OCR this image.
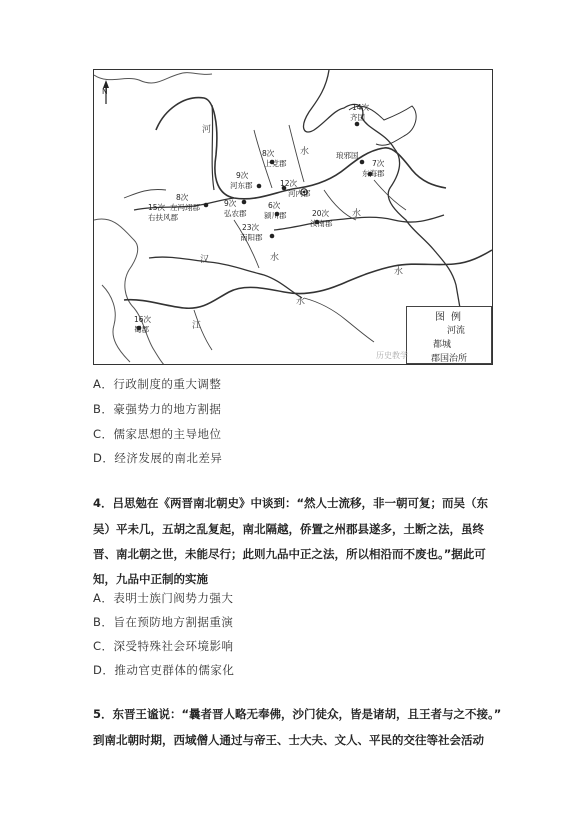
N
河
水
水
汉	水
江
水
水
14次
齐国
琅邪国
7次
东海郡
8次
上党郡
9次
河东郡	12次
河内郡
8次
左冯翊郡
15次
右扶风郡
9次
弘农郡
6次
颍川郡	20次
汝南郡
23次
南阳郡
16次
蜀郡
图例
河流
都城
郡国治所
历史教学
A．行政制度的重大调整
B．豪强势力的地方割据
C．儒家思想的主导地位
D．经济发展的南北差异
4．吕思勉在《两晋南北朝史》中谈到：“然人士流移，非一朝可复；而吴（东
吴）平未几，五胡之乱复起，南北隔越，侨置之州郡县遂多，土断之法，虽终
晋、南北朝之世，未能尽行；此则九品中正之法，所以相沿而不废也。”据此可
知，九品中正制的实施
A．表明士族门阀势力强大
B．旨在预防地方割据重演
C．深受特殊社会环境影响
D．推动官吏群体的儒家化
5．东晋王谧说：“曩者晋人略无奉佛，沙门徒众，皆是诸胡，且王者与之不接。”
到南北朝时期，西域僧人通过与帝王、士大夫、文人、平民的交往等社会活动
